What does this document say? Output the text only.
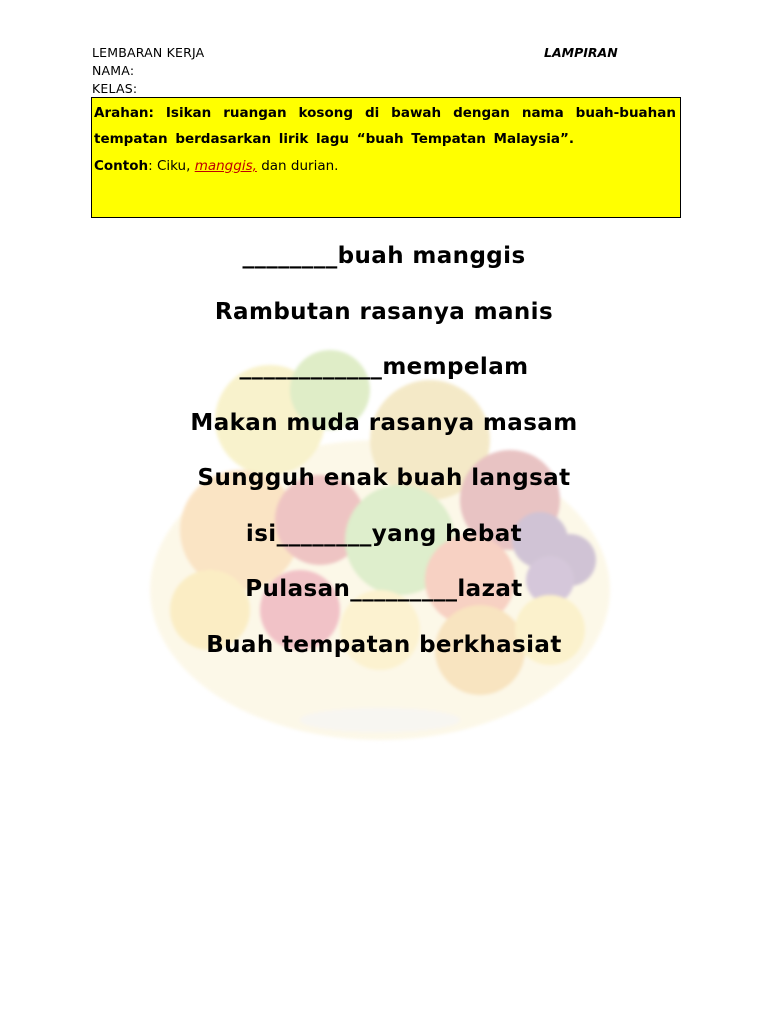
LEMBARAN KERJA
NAMA:
KELAS:
LAMPIRAN
Arahan: Isikan ruangan kosong di bawah dengan nama buah-buahan tempatan berdasarkan lirik lagu “buah Tempatan Malaysia”.
Contoh: Ciku, manggis, dan durian.
________buah manggis
Rambutan rasanya manis
____________mempelam
Makan muda rasanya masam
Sungguh enak buah langsat
isi________yang hebat
Pulasan_________lazat
Buah tempatan berkhasiat
